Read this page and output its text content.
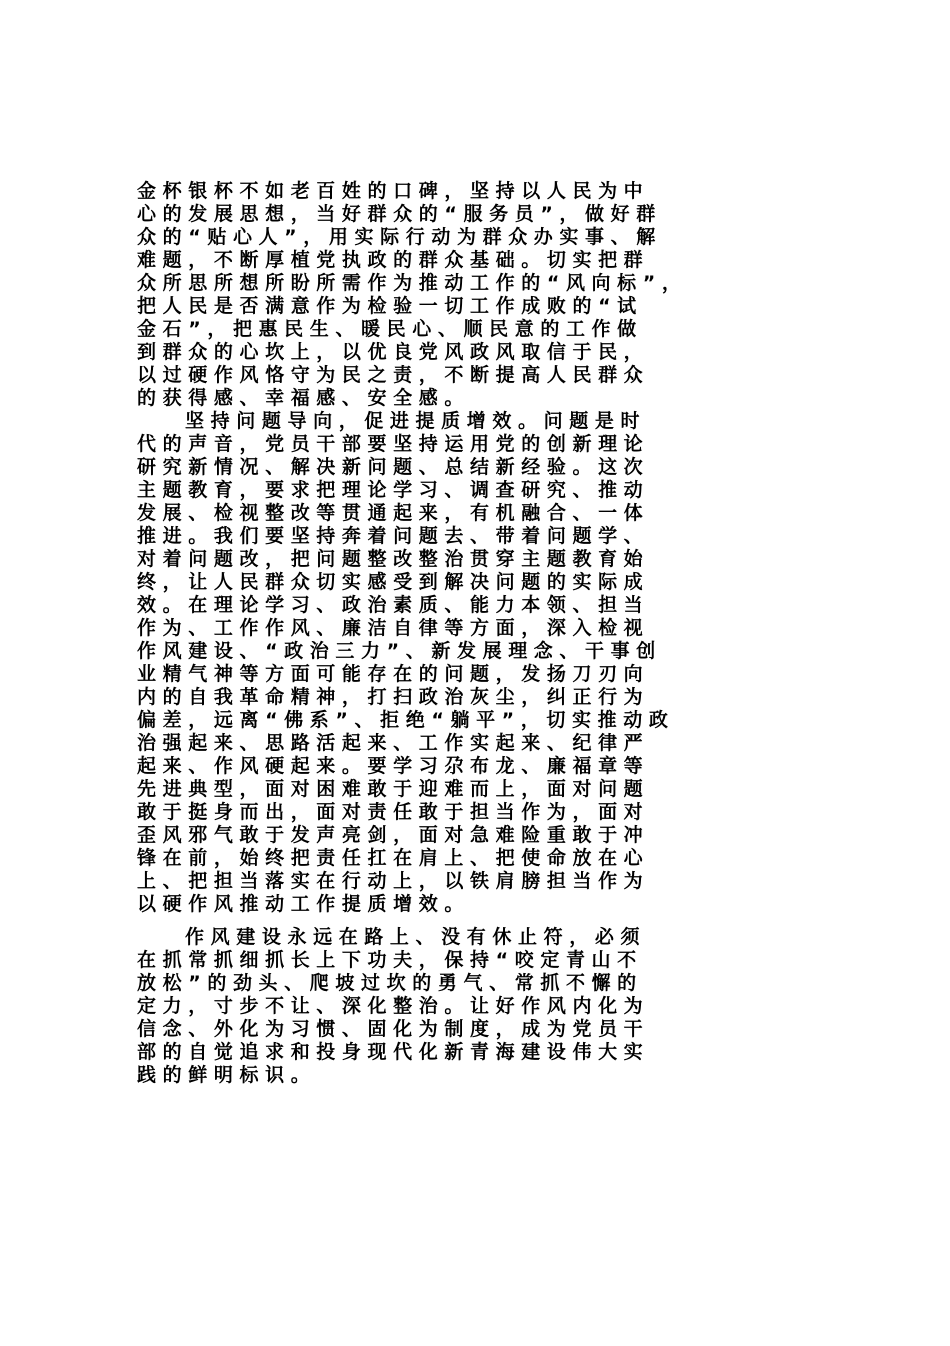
金 杯 银 杯 不 如 老 百 姓 的 口 碑 ， 坚 持 以 人 民 为 中
心 的 发 展 思 想 ， 当 好 群 众 的 “ 服 务 员 ” ， 做 好 群
众 的 “ 贴 心 人 ” ， 用 实 际 行 动 为 群 众 办 实 事 、 解
难 题 ， 不 断 厚 植 党 执 政 的 群 众 基 础 。 切 实 把 群
众 所 思 所 想 所 盼 所 需 作 为 推 动 工 作 的 “ 风 向 标 ” ，
把 人 民 是 否 满 意 作 为 检 验 一 切 工 作 成 败 的 “ 试
金 石 ” ， 把 惠 民 生 、 暖 民 心 、 顺 民 意 的 工 作 做
到 群 众 的 心 坎 上 ， 以 优 良 党 风 政 风 取 信 于 民 ，
以 过 硬 作 风 恪 守 为 民 之 责 ， 不 断 提 高 人 民 群 众
的 获 得 感 、 幸 福 感 、 安 全 感 。
坚 持 问 题 导 向 ， 促 进 提 质 增 效 。 问 题 是 时
代 的 声 音 ， 党 员 干 部 要 坚 持 运 用 党 的 创 新 理 论
研 究 新 情 况 、 解 决 新 问 题 、 总 结 新 经 验 。 这 次
主 题 教 育 ， 要 求 把 理 论 学 习 、 调 查 研 究 、 推 动
发 展 、 检 视 整 改 等 贯 通 起 来 ， 有 机 融 合 、 一 体
推 进 。 我 们 要 坚 持 奔 着 问 题 去 、 带 着 问 题 学 、
对 着 问 题 改 ， 把 问 题 整 改 整 治 贯 穿 主 题 教 育 始
终 ， 让 人 民 群 众 切 实 感 受 到 解 决 问 题 的 实 际 成
效 。 在 理 论 学 习 、 政 治 素 质 、 能 力 本 领 、 担 当
作 为 、 工 作 作 风 、 廉 洁 自 律 等 方 面 ， 深 入 检 视
作 风 建 设 、 “ 政 治 三 力 ” 、 新 发 展 理 念 、 干 事 创
业 精 气 神 等 方 面 可 能 存 在 的 问 题 ， 发 扬 刀 刃 向
内 的 自 我 革 命 精 神 ， 打 扫 政 治 灰 尘 ， 纠 正 行 为
偏 差 ， 远 离 “ 佛 系 ” 、 拒 绝 “ 躺 平 ” ， 切 实 推 动 政
治 强 起 来 、 思 路 活 起 来 、 工 作 实 起 来 、 纪 律 严
起 来 、 作 风 硬 起 来 。 要 学 习 尕 布 龙 、 廉 福 章 等
先 进 典 型 ， 面 对 困 难 敢 于 迎 难 而 上 ， 面 对 问 题
敢 于 挺 身 而 出 ， 面 对 责 任 敢 于 担 当 作 为 ， 面 对
歪 风 邪 气 敢 于 发 声 亮 剑 ， 面 对 急 难 险 重 敢 于 冲
锋 在 前 ， 始 终 把 责 任 扛 在 肩 上 、 把 使 命 放 在 心
上 、 把 担 当 落 实 在 行 动 上 ， 以 铁 肩 膀 担 当 作 为
以 硬 作 风 推 动 工 作 提 质 增 效 。
作 风 建 设 永 远 在 路 上 、 没 有 休 止 符 ， 必 须
在 抓 常 抓 细 抓 长 上 下 功 夫 ， 保 持 “ 咬 定 青 山 不
放 松 ” 的 劲 头 、 爬 坡 过 坎 的 勇 气 、 常 抓 不 懈 的
定 力 ， 寸 步 不 让 、 深 化 整 治 。 让 好 作 风 内 化 为
信 念 、 外 化 为 习 惯 、 固 化 为 制 度 ， 成 为 党 员 干
部 的 自 觉 追 求 和 投 身 现 代 化 新 青 海 建 设 伟 大 实
践 的 鲜 明 标 识 。
